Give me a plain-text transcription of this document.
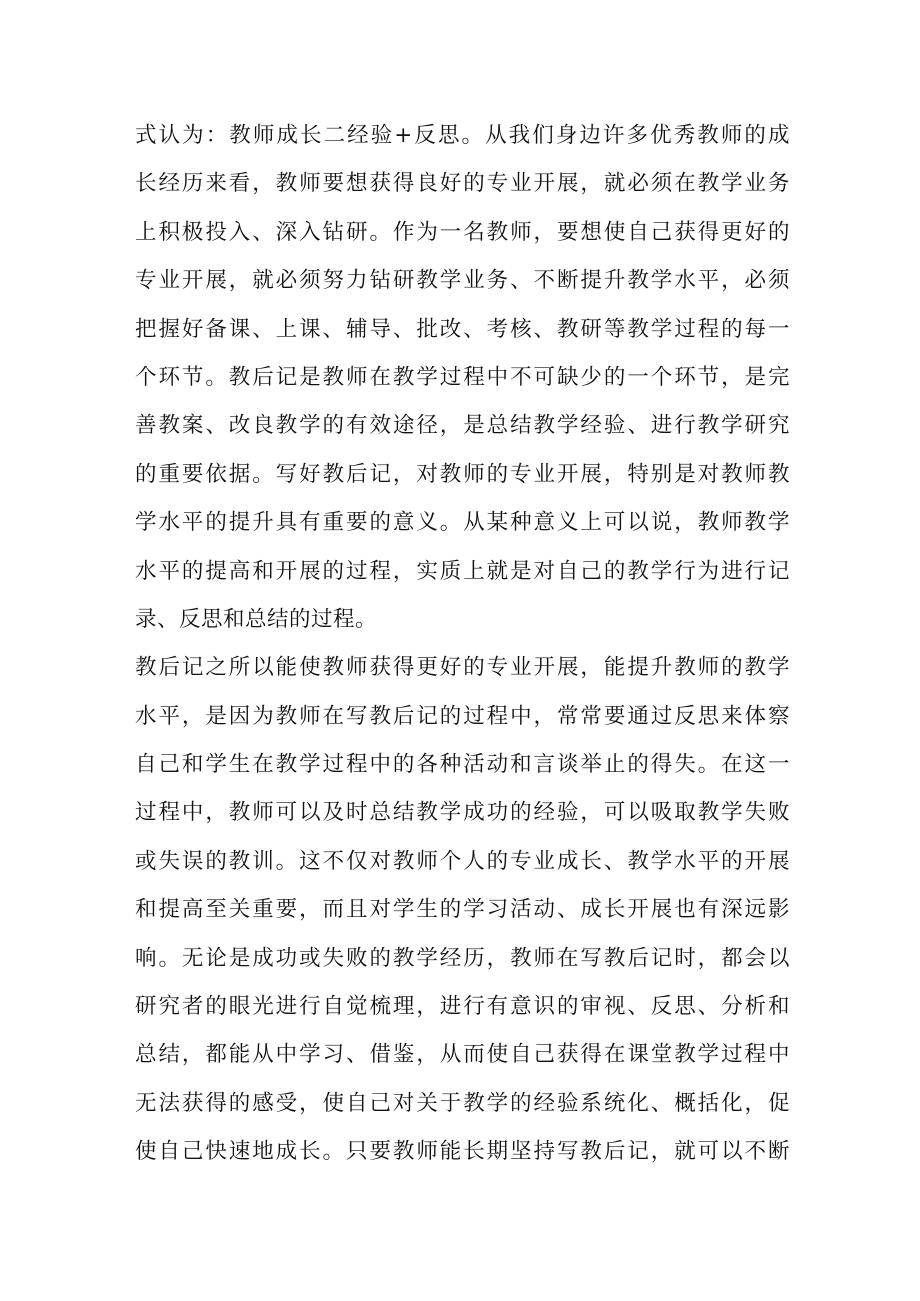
式认为：教师成长二经验+反思。从我们身边许多优秀教师的成
长经历来看，教师要想获得良好的专业开展，就必须在教学业务
上积极投入、深入钻研。作为一名教师，要想使自己获得更好的
专业开展，就必须努力钻研教学业务、不断提升教学水平，必须
把握好备课、上课、辅导、批改、考核、教研等教学过程的每一
个环节。教后记是教师在教学过程中不可缺少的一个环节，是完
善教案、改良教学的有效途径，是总结教学经验、进行教学研究
的重要依据。写好教后记，对教师的专业开展，特别是对教师教
学水平的提升具有重要的意义。从某种意义上可以说，教师教学
水平的提高和开展的过程，实质上就是对自己的教学行为进行记
录、反思和总结的过程。
教后记之所以能使教师获得更好的专业开展，能提升教师的教学
水平，是因为教师在写教后记的过程中，常常要通过反思来体察
自己和学生在教学过程中的各种活动和言谈举止的得失。在这一
过程中，教师可以及时总结教学成功的经验，可以吸取教学失败
或失误的教训。这不仅对教师个人的专业成长、教学水平的开展
和提高至关重要，而且对学生的学习活动、成长开展也有深远影
响。无论是成功或失败的教学经历，教师在写教后记时，都会以
研究者的眼光进行自觉梳理，进行有意识的审视、反思、分析和
总结，都能从中学习、借鉴，从而使自己获得在课堂教学过程中
无法获得的感受，使自己对关于教学的经验系统化、概括化，促
使自己快速地成长。只要教师能长期坚持写教后记，就可以不断
